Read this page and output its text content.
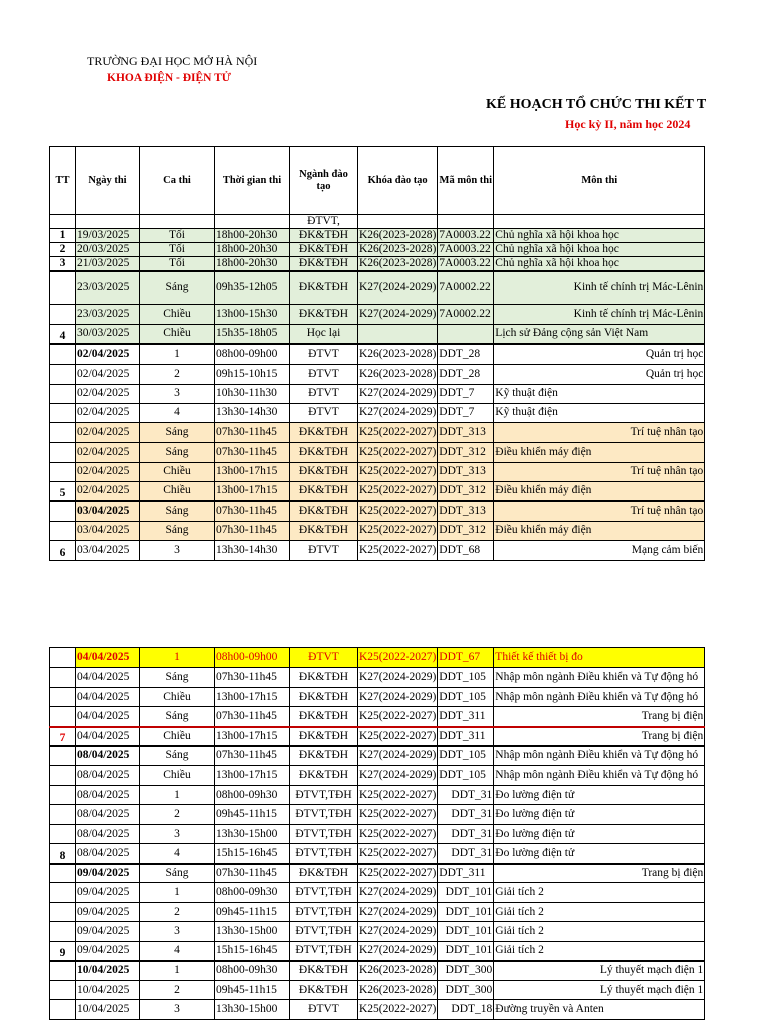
TRƯỜNG ĐẠI HỌC MỞ HÀ NỘI
KHOA ĐIỆN - ĐIỆN TỬ
KẾ HOẠCH TỔ CHỨC THI KẾT T
Học kỳ II, năm học 2024
TT	Ngày thi	Ca thi	Thời gian thi	Ngành đào tạo	Khóa đào tạo	Mã môn thi	Môn thi
				ĐTVT,			
1	19/03/2025	Tối	18h00-20h30	ĐK&TĐH	K26(2023-2028)	7A0003.22	Chủ nghĩa xã hội khoa học
2	20/03/2025	Tối	18h00-20h30	ĐK&TĐH	K26(2023-2028)	7A0003.22	Chủ nghĩa xã hội khoa học
3	21/03/2025	Tối	18h00-20h30	ĐK&TĐH	K26(2023-2028)	7A0003.22	Chủ nghĩa xã hội khoa học
	23/03/2025	Sáng	09h35-12h05	ĐK&TĐH	K27(2024-2029)	7A0002.22	Kinh tế chính trị Mác-Lênin
	23/03/2025	Chiều	13h00-15h30	ĐK&TĐH	K27(2024-2029)	7A0002.22	Kinh tế chính trị Mác-Lênin
4	30/03/2025	Chiều	15h35-18h05	Học lại			Lịch sử Đảng cộng sản Việt Nam
	02/04/2025	1	08h00-09h00	ĐTVT	K26(2023-2028)	DDT_28	Quản trị học
	02/04/2025	2	09h15-10h15	ĐTVT	K26(2023-2028)	DDT_28	Quản trị học
	02/04/2025	3	10h30-11h30	ĐTVT	K27(2024-2029)	DDT_7	Kỹ thuật điện
	02/04/2025	4	13h30-14h30	ĐTVT	K27(2024-2029)	DDT_7	Kỹ thuật điện
	02/04/2025	Sáng	07h30-11h45	ĐK&TĐH	K25(2022-2027)	DDT_313	Trí tuệ nhân tạo
	02/04/2025	Sáng	07h30-11h45	ĐK&TĐH	K25(2022-2027)	DDT_312	Điều khiển máy điện
	02/04/2025	Chiều	13h00-17h15	ĐK&TĐH	K25(2022-2027)	DDT_313	Trí tuệ nhân tạo
5	02/04/2025	Chiều	13h00-17h15	ĐK&TĐH	K25(2022-2027)	DDT_312	Điều khiển máy điện
	03/04/2025	Sáng	07h30-11h45	ĐK&TĐH	K25(2022-2027)	DDT_313	Trí tuệ nhân tạo
	03/04/2025	Sáng	07h30-11h45	ĐK&TĐH	K25(2022-2027)	DDT_312	Điều khiển máy điện
6	03/04/2025	3	13h30-14h30	ĐTVT	K25(2022-2027)	DDT_68	Mạng cảm biến
	04/04/2025	1	08h00-09h00	ĐTVT	K25(2022-2027)	DDT_67	Thiết kế thiết bị đo
	04/04/2025	Sáng	07h30-11h45	ĐK&TĐH	K27(2024-2029)	DDT_105	Nhập môn ngành Điều khiển và Tự động hó
	04/04/2025	Chiều	13h00-17h15	ĐK&TĐH	K27(2024-2029)	DDT_105	Nhập môn ngành Điều khiển và Tự động hó
	04/04/2025	Sáng	07h30-11h45	ĐK&TĐH	K25(2022-2027)	DDT_311	Trang bị điện
7	04/04/2025	Chiều	13h00-17h15	ĐK&TĐH	K25(2022-2027)	DDT_311	Trang bị điện
	08/04/2025	Sáng	07h30-11h45	ĐK&TĐH	K27(2024-2029)	DDT_105	Nhập môn ngành Điều khiển và Tự động hó
	08/04/2025	Chiều	13h00-17h15	ĐK&TĐH	K27(2024-2029)	DDT_105	Nhập môn ngành Điều khiển và Tự động hó
	08/04/2025	1	08h00-09h30	ĐTVT,TĐH	K25(2022-2027)	DDT_31	Đo lường điện tử
	08/04/2025	2	09h45-11h15	ĐTVT,TĐH	K25(2022-2027)	DDT_31	Đo lường điện tử
	08/04/2025	3	13h30-15h00	ĐTVT,TĐH	K25(2022-2027)	DDT_31	Đo lường điện tử
8	08/04/2025	4	15h15-16h45	ĐTVT,TĐH	K25(2022-2027)	DDT_31	Đo lường điện tử
	09/04/2025	Sáng	07h30-11h45	ĐK&TĐH	K25(2022-2027)	DDT_311	Trang bị điện
	09/04/2025	1	08h00-09h30	ĐTVT,TĐH	K27(2024-2029)	DDT_101	Giải tích 2
	09/04/2025	2	09h45-11h15	ĐTVT,TĐH	K27(2024-2029)	DDT_101	Giải tích 2
	09/04/2025	3	13h30-15h00	ĐTVT,TĐH	K27(2024-2029)	DDT_101	Giải tích 2
9	09/04/2025	4	15h15-16h45	ĐTVT,TĐH	K27(2024-2029)	DDT_101	Giải tích 2
	10/04/2025	1	08h00-09h30	ĐK&TĐH	K26(2023-2028)	DDT_300	Lý thuyết mạch điện 1
	10/04/2025	2	09h45-11h15	ĐK&TĐH	K26(2023-2028)	DDT_300	Lý thuyết mạch điện 1
	10/04/2025	3	13h30-15h00	ĐTVT	K25(2022-2027)	DDT_18	Đường truyền và Anten
